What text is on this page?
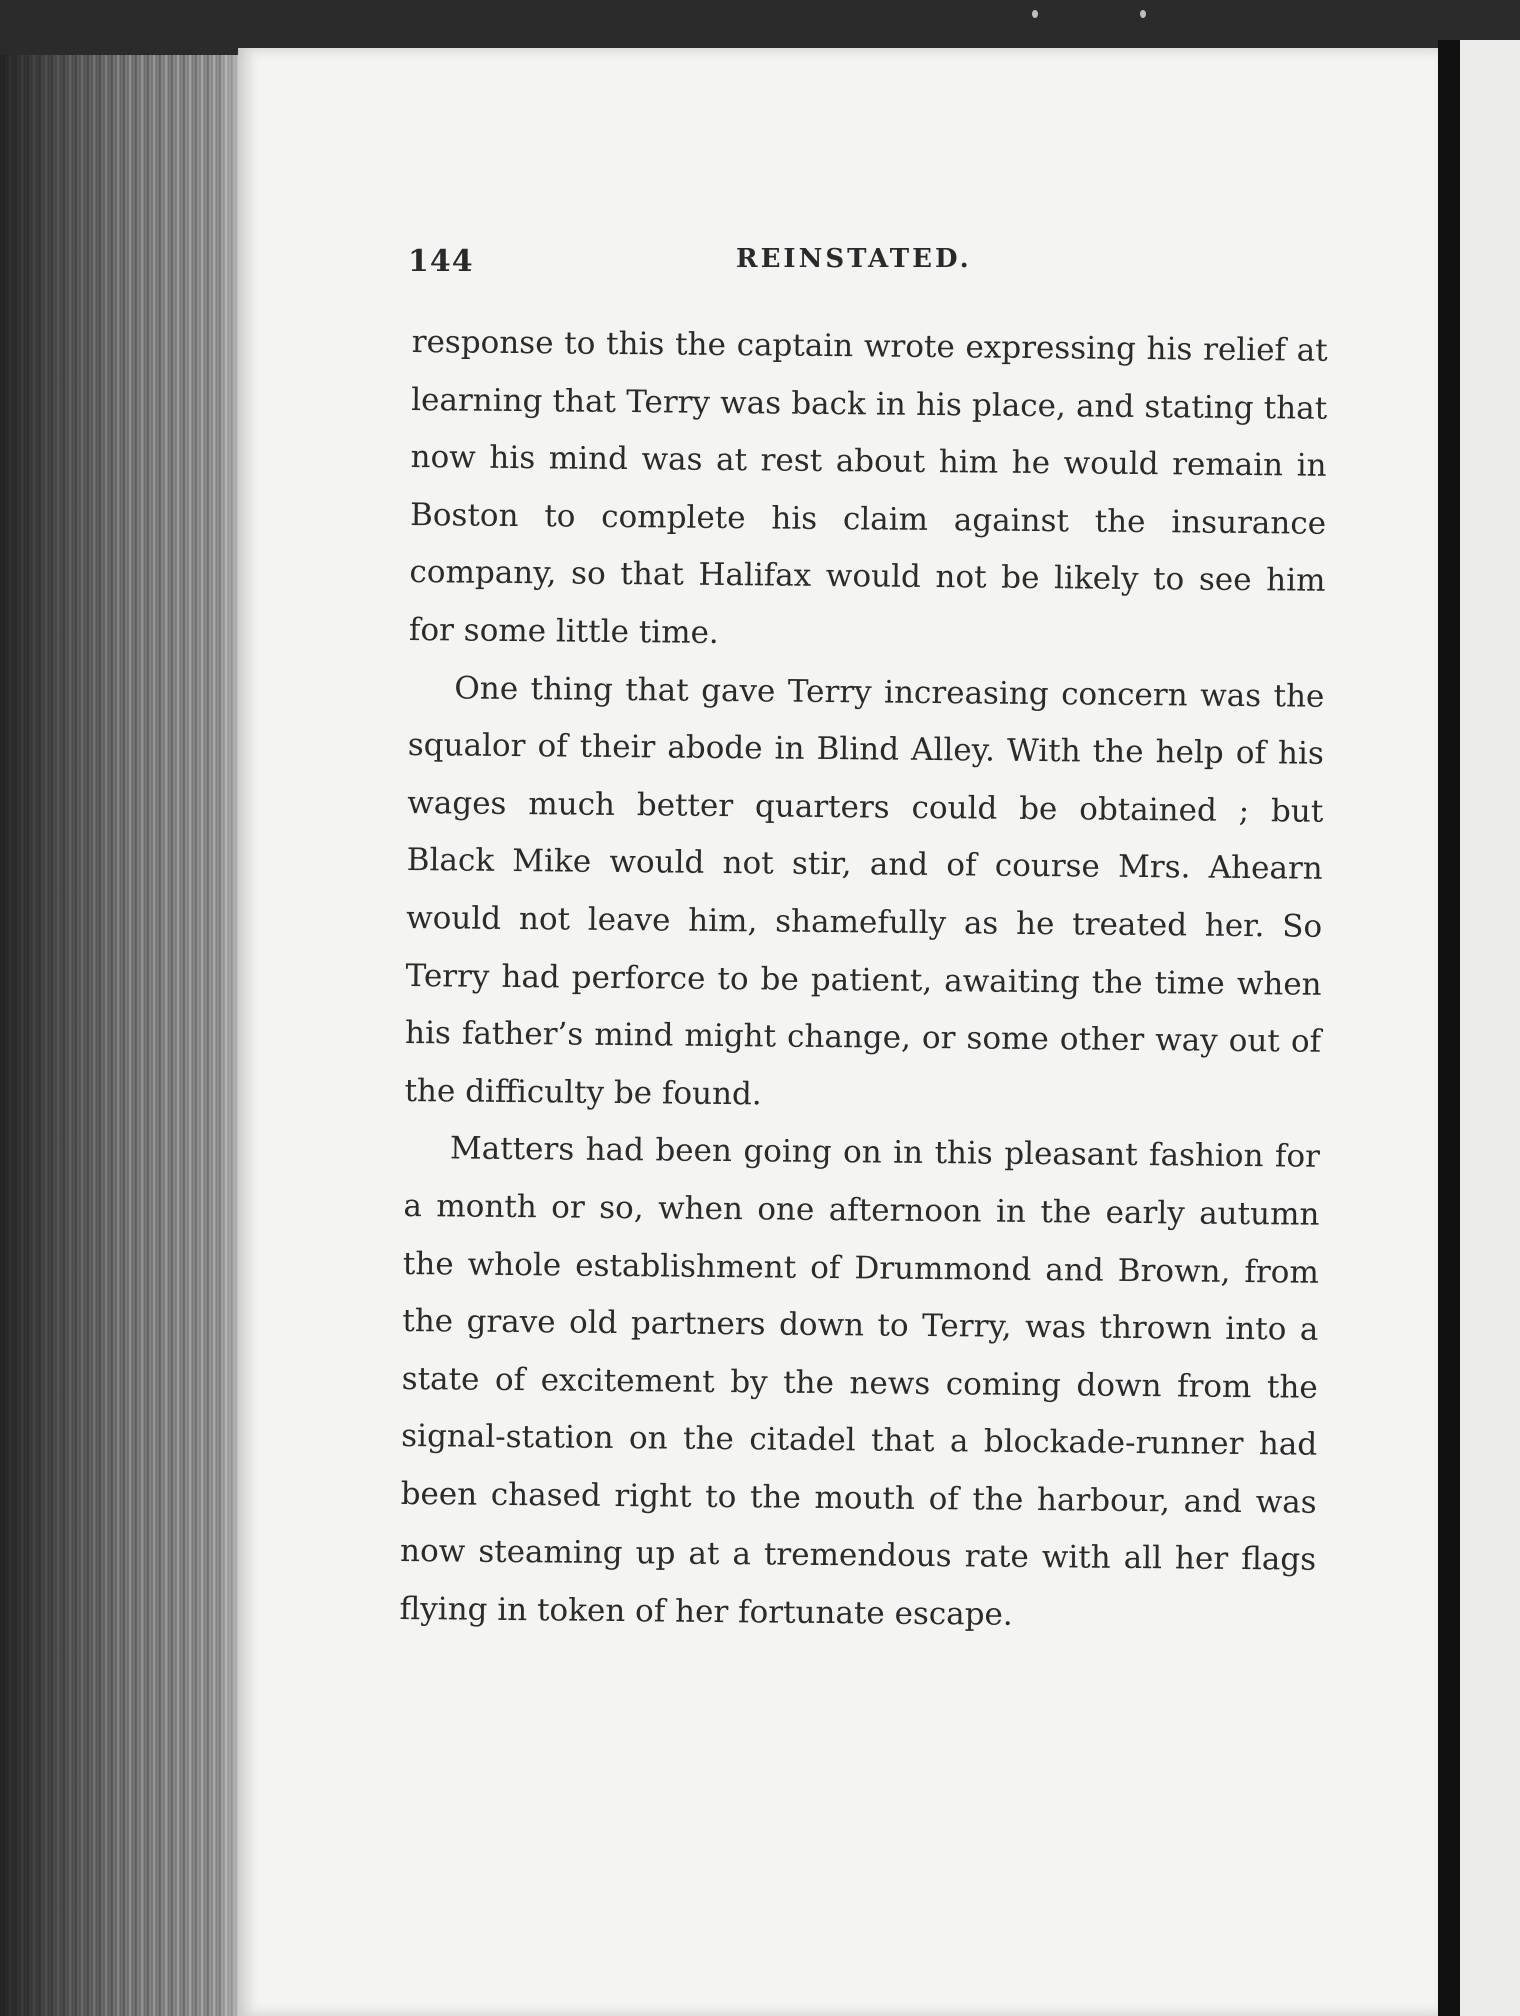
144	REINSTATED.

response to this the captain wrote expressing his relief at learning that Terry was back in his place, and stating that now his mind was at rest about him he would remain in Boston to complete his claim against the insurance company, so that Halifax would not be likely to see him for some little time.

One thing that gave Terry increasing concern was the squalor of their abode in Blind Alley. With the help of his wages much better quarters could be obtained ; but Black Mike would not stir, and of course Mrs. Ahearn would not leave him, shamefully as he treated her. So Terry had perforce to be patient, awaiting the time when his father’s mind might change, or some other way out of the difficulty be found.

Matters had been going on in this pleasant fashion for a month or so, when one afternoon in the early autumn the whole establishment of Drummond and Brown, from the grave old partners down to Terry, was thrown into a state of excitement by the news coming down from the signal-station on the citadel that a blockade-runner had been chased right to the mouth of the harbour, and was now steaming up at a tremendous rate with all her flags flying in token of her fortunate escape.
